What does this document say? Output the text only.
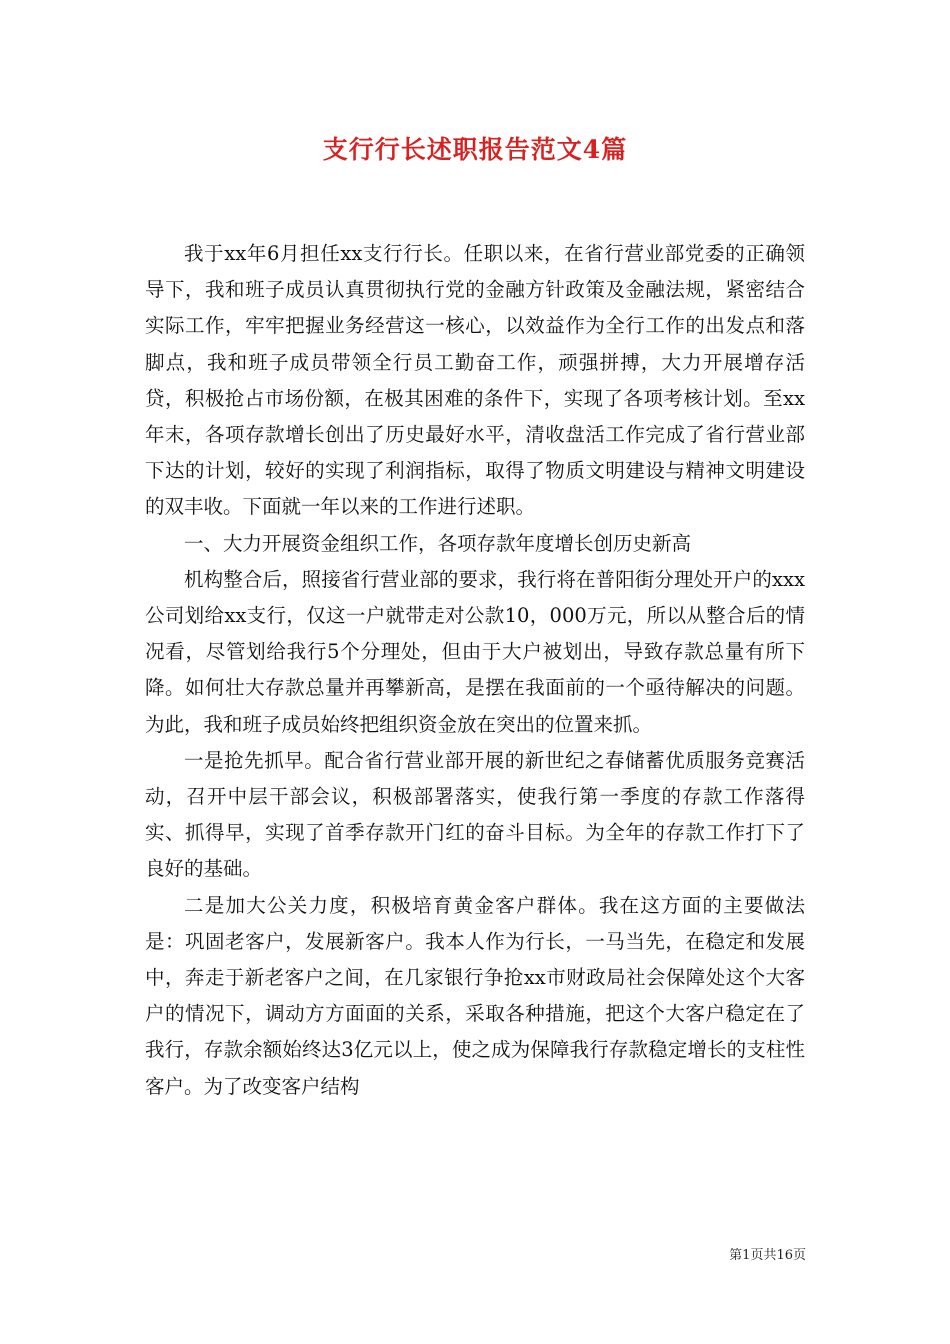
支行行长述职报告范文4篇

我于xx年6月担任xx支行行长。任职以来，在省行营业部党委的正确领导下，我和班子成员认真贯彻执行党的金融方针政策及金融法规，紧密结合实际工作，牢牢把握业务经营这一核心，以效益作为全行工作的出发点和落脚点，我和班子成员带领全行员工勤奋工作，顽强拼搏，大力开展增存活贷，积极抢占市场份额，在极其困难的条件下，实现了各项考核计划。至xx年末，各项存款增长创出了历史最好水平，清收盘活工作完成了省行营业部下达的计划，较好的实现了利润指标，取得了物质文明建设与精神文明建设的双丰收。下面就一年以来的工作进行述职。

一、大力开展资金组织工作，各项存款年度增长创历史新高

机构整合后，照接省行营业部的要求，我行将在普阳街分理处开户的xxx公司划给xx支行，仅这一户就带走对公款10，000万元，所以从整合后的情况看，尽管划给我行5个分理处，但由于大户被划出，导致存款总量有所下降。如何壮大存款总量并再攀新高，是摆在我面前的一个亟待解决的问题。为此，我和班子成员始终把组织资金放在突出的位置来抓。

一是抢先抓早。配合省行营业部开展的新世纪之春储蓄优质服务竞赛活动，召开中层干部会议，积极部署落实，使我行第一季度的存款工作落得实、抓得早，实现了首季存款开门红的奋斗目标。为全年的存款工作打下了良好的基础。

二是加大公关力度，积极培育黄金客户群体。我在这方面的主要做法是：巩固老客户，发展新客户。我本人作为行长，一马当先，在稳定和发展中，奔走于新老客户之间，在几家银行争抢xx市财政局社会保障处这个大客户的情况下，调动方方面面的关系，采取各种措施，把这个大客户稳定在了我行，存款余额始终达3亿元以上，使之成为保障我行存款稳定增长的支柱性客户。为了改变客户结构

第1页共16页
